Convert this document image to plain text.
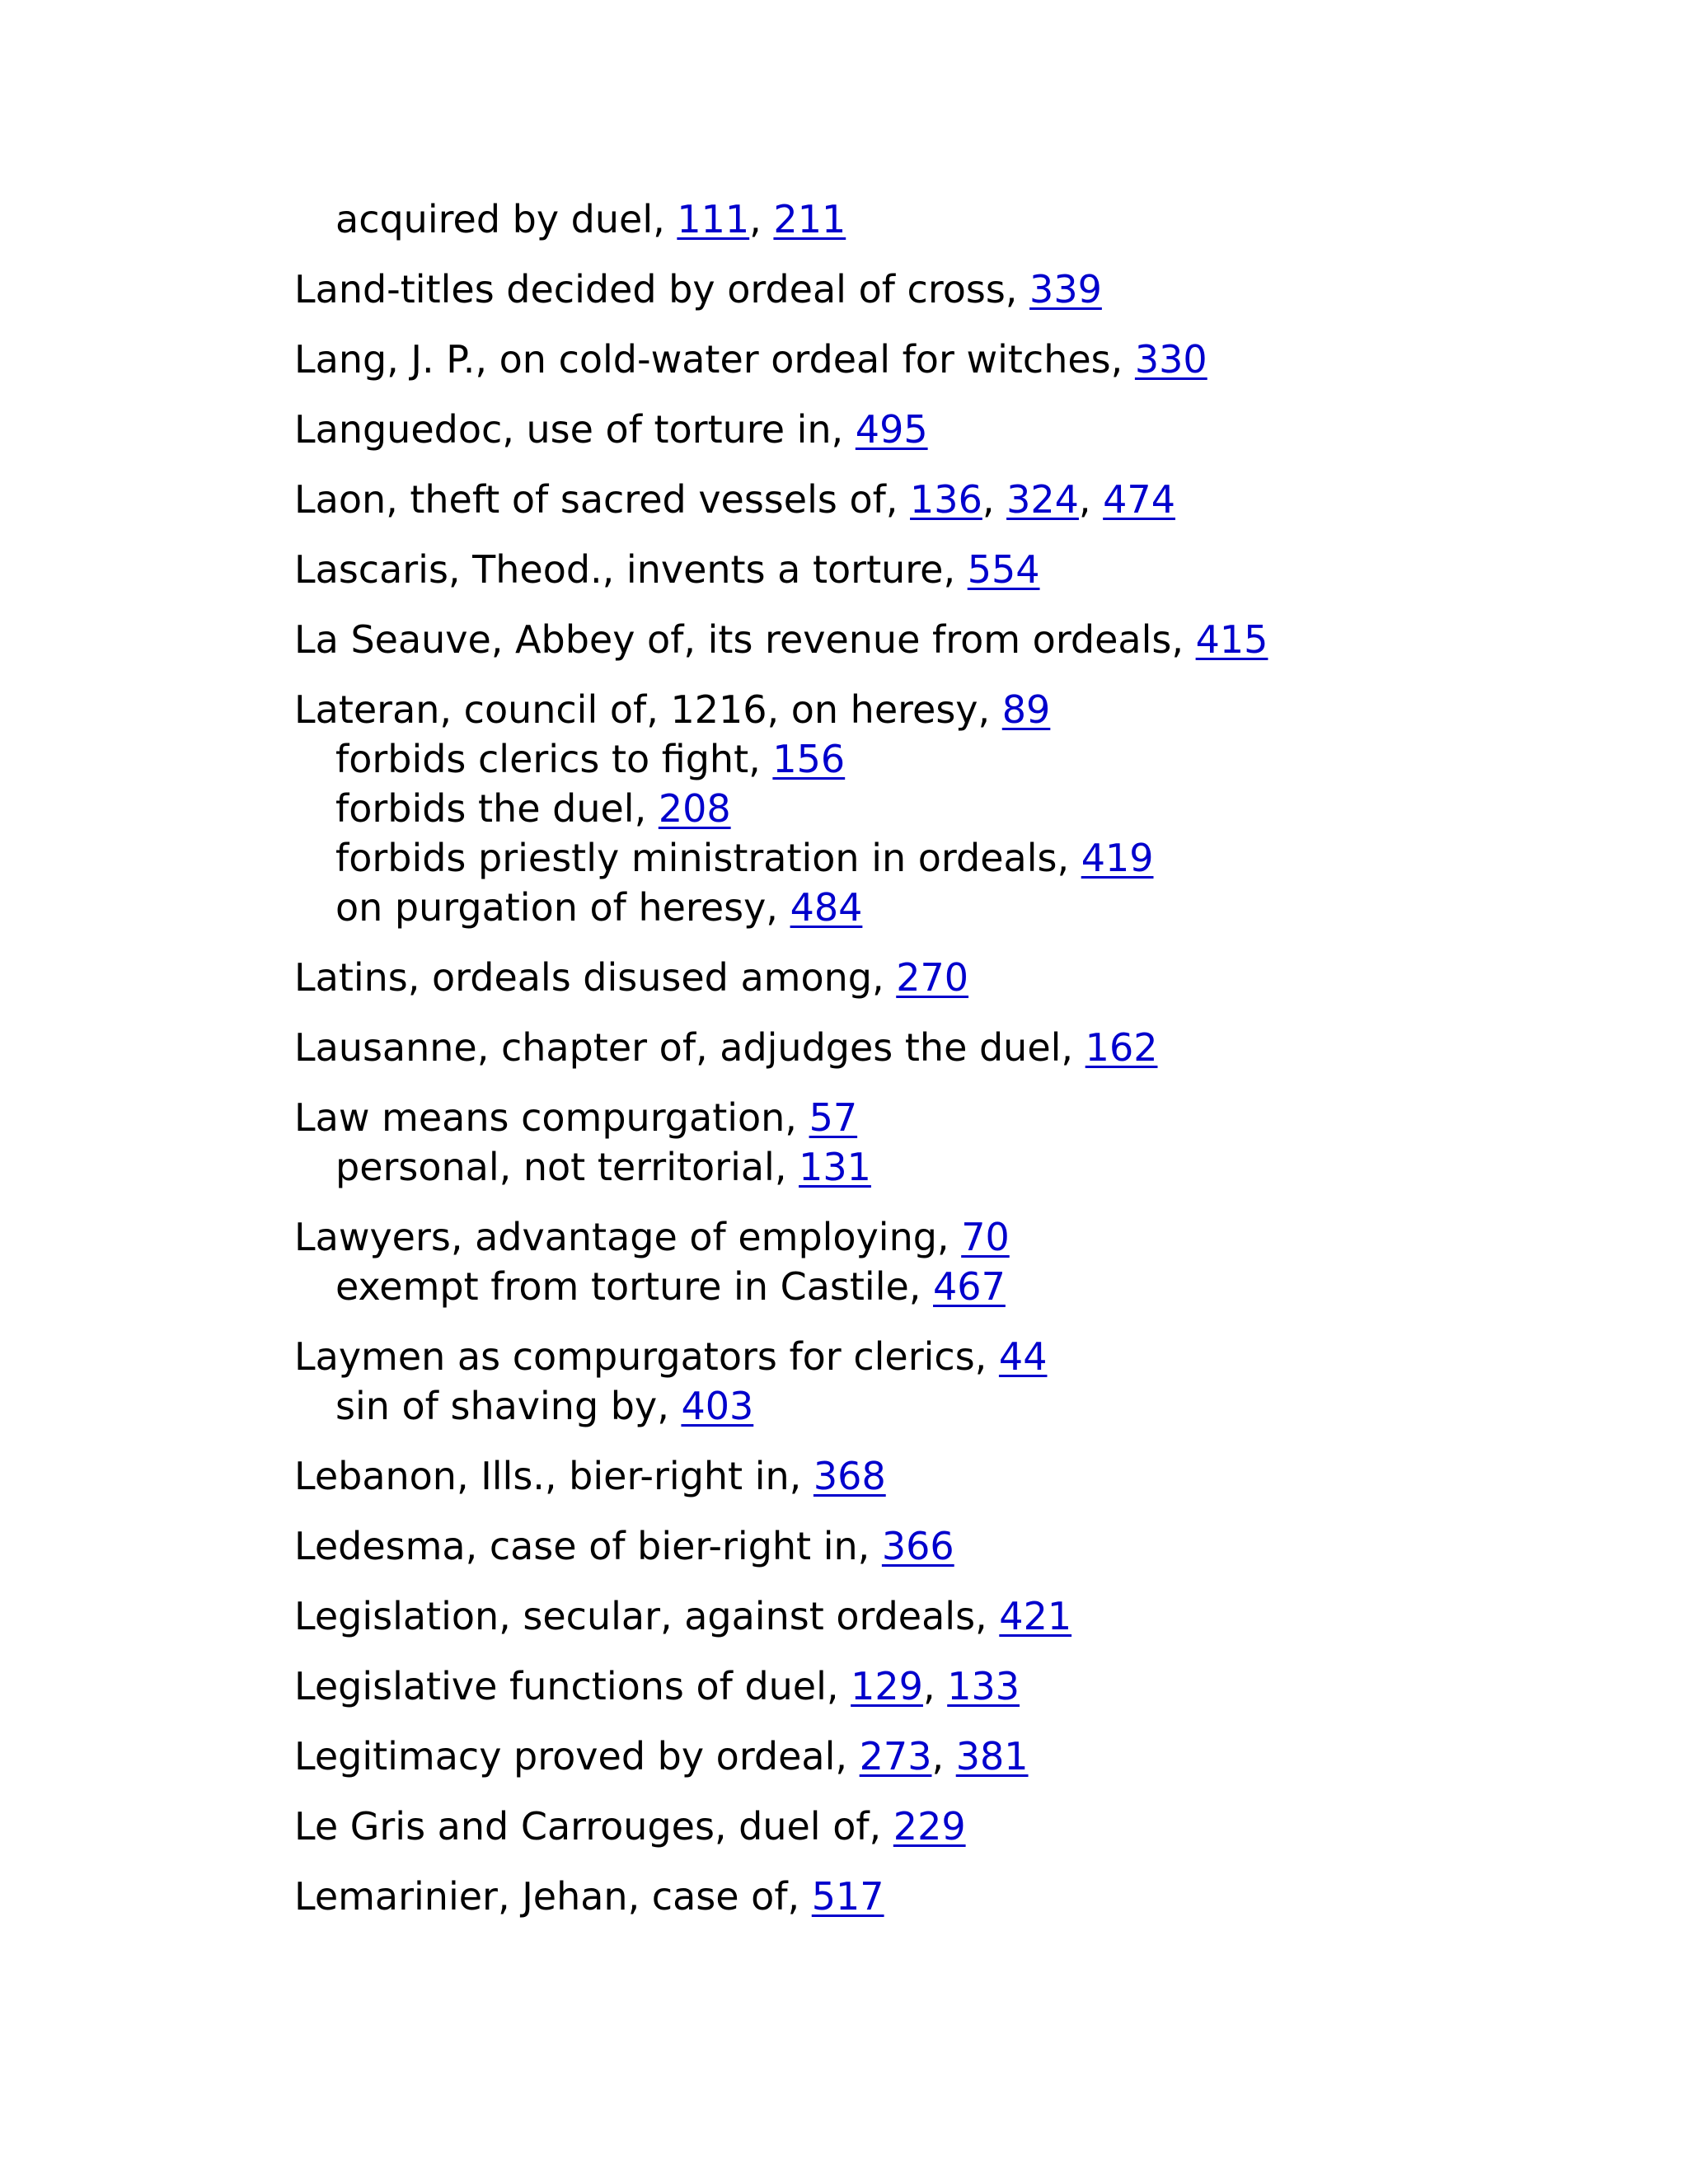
acquired by duel, 111, 211
Land-titles decided by ordeal of cross, 339
Lang, J. P., on cold-water ordeal for witches, 330
Languedoc, use of torture in, 495
Laon, theft of sacred vessels of, 136, 324, 474
Lascaris, Theod., invents a torture, 554
La Seauve, Abbey of, its revenue from ordeals, 415
Lateran, council of, 1216, on heresy, 89
forbids clerics to fight, 156
forbids the duel, 208
forbids priestly ministration in ordeals, 419
on purgation of heresy, 484
Latins, ordeals disused among, 270
Lausanne, chapter of, adjudges the duel, 162
Law means compurgation, 57
personal, not territorial, 131
Lawyers, advantage of employing, 70
exempt from torture in Castile, 467
Laymen as compurgators for clerics, 44
sin of shaving by, 403
Lebanon, Ills., bier-right in, 368
Ledesma, case of bier-right in, 366
Legislation, secular, against ordeals, 421
Legislative functions of duel, 129, 133
Legitimacy proved by ordeal, 273, 381
Le Gris and Carrouges, duel of, 229
Lemarinier, Jehan, case of, 517
